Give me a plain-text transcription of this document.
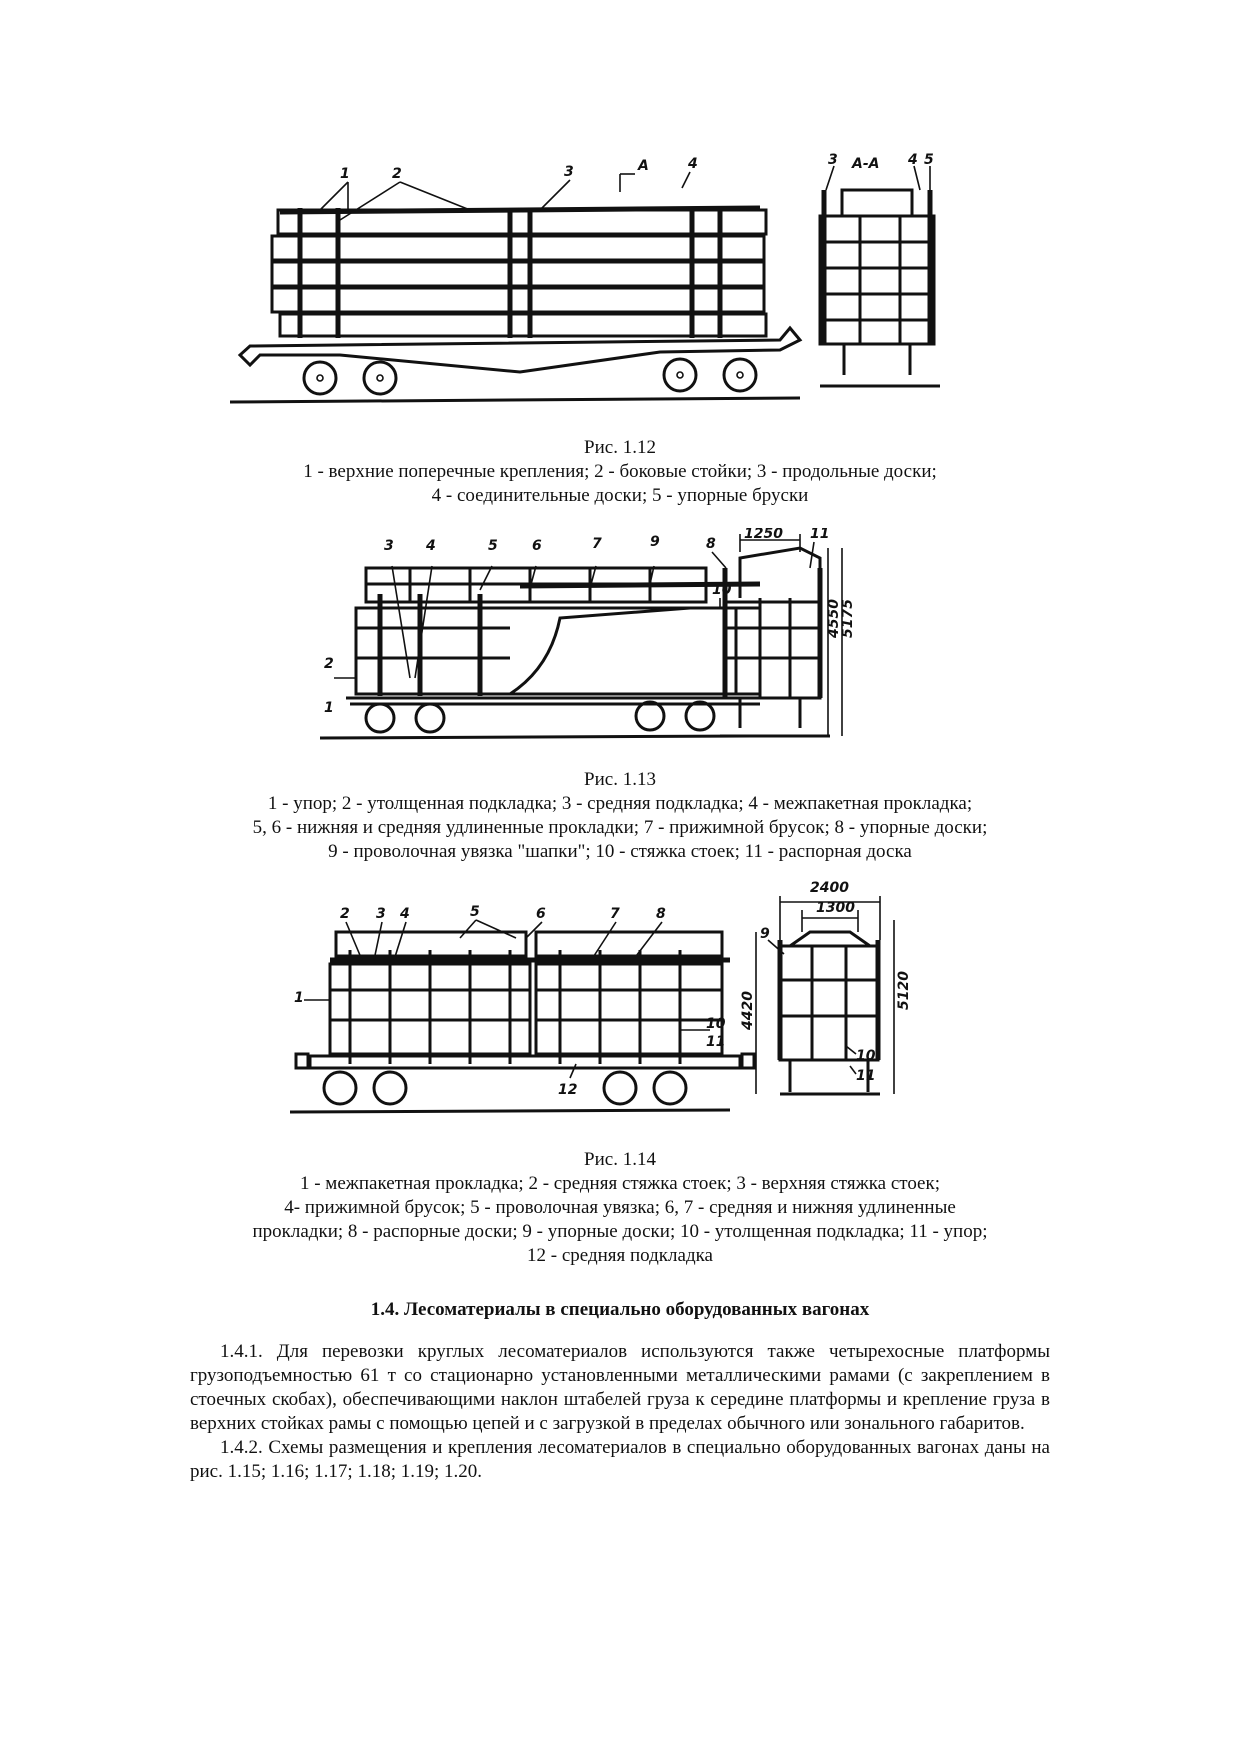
1	2	3	4
А	А-А
3	4 5
Рис. 1.12
1 - верхние поперечные крепления; 2 - боковые стойки; 3 - продольные доски;
4 - соединительные доски; 5 - упорные бруски
3 4	5 6	7	9
10
2
1
1250
8
11
4550
5175
Рис. 1.13
1 - упор; 2 - утолщенная подкладка; 3 - средняя подкладка; 4 - межпакетная прокладка;
5, 6 - нижняя и средняя удлиненные прокладки; 7 - прижимной брусок; 8 - упорные доски;
9 - проволочная увязка "шапки"; 10 - стяжка стоек; 11 - распорная доска
2 3 4	5	6	7	8
1
10
11
12
2400
1300
4420
5120
9
10
11
Рис. 1.14
1 - межпакетная прокладка; 2 - средняя стяжка стоек; 3 - верхняя стяжка стоек;
4- прижимной брусок; 5 - проволочная увязка; 6, 7 - средняя и нижняя удлиненные
прокладки; 8 - распорные доски; 9 - упорные доски; 10 - утолщенная подкладка; 11 - упор;
12 - средняя подкладка
1.4. Лесоматериалы в специально оборудованных вагонах

1.4.1. Для перевозки круглых лесоматериалов используются также четырехосные платформы грузоподъемностью 61 т со стационарно установленными металлическими рамами (с закреплением в стоечных скобах), обеспечивающими наклон штабелей груза к середине платформы и крепление груза в верхних стойках рамы с помощью цепей и с загрузкой в пределах обычного или зонального габаритов.

1.4.2. Схемы размещения и крепления лесоматериалов в специально оборудованных вагонах даны на рис. 1.15; 1.16; 1.17; 1.18; 1.19; 1.20.
